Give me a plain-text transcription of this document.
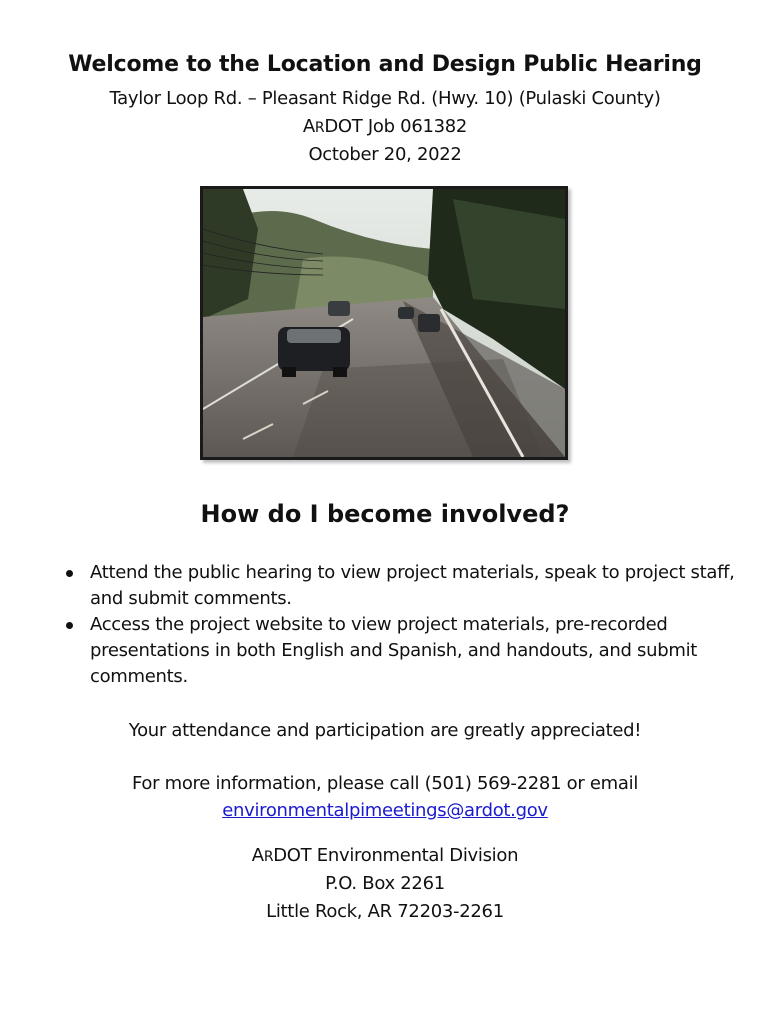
Welcome to the Location and Design Public Hearing

Taylor Loop Rd. – Pleasant Ridge Rd. (Hwy. 10) (Pulaski County)

ARDOT Job 061382

October 20, 2022

How do I become involved?
Attend the public hearing to view project materials, speak to project staff, and submit comments.
Access the project website to view project materials, pre-recorded presentations in both English and Spanish, and handouts, and submit comments.

Your attendance and participation are greatly appreciated!

For more information, please call (501) 569-2281 or email
environmentalpimeetings@ardot.gov

ARDOT Environmental Division

P.O. Box 2261

Little Rock, AR 72203-2261
